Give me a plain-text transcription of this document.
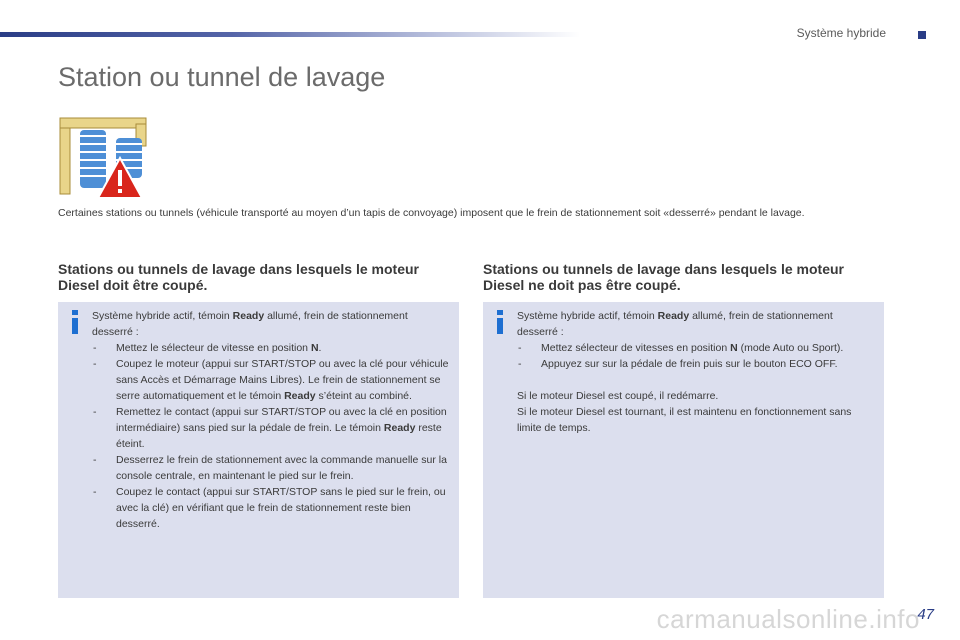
Système hybride
Station ou tunnel de lavage

Certaines stations ou tunnels (véhicule transporté au moyen d’un tapis de convoyage) imposent que le frein de stationnement soit «desserré» pendant le lavage.

Stations ou tunnels de lavage dans lesquels le moteur Diesel doit être coupé.

Système hybride actif, témoin Ready allumé, frein de stationnement desserré :

- Mettez le sélecteur de vitesse en position N.
- Coupez le moteur (appui sur START/STOP ou avec la clé pour véhicule sans Accès et Démarrage Mains Libres). Le frein de stationnement se serre automatiquement et le témoin Ready s’éteint au combiné.
- Remettez le contact (appui sur START/STOP ou avec la clé en position intermédiaire) sans pied sur la pédale de frein. Le témoin Ready reste éteint.
- Desserrez le frein de stationnement avec la commande manuelle sur la console centrale, en maintenant le pied sur le frein.
- Coupez le contact (appui sur START/STOP sans le pied sur le frein, ou avec la clé) en vérifiant que le frein de stationnement reste bien desserré.
Stations ou tunnels de lavage dans lesquels le moteur Diesel ne doit pas être coupé.

Système hybride actif, témoin Ready allumé, frein de stationnement desserré :

- Mettez sélecteur de vitesses en position N (mode Auto ou Sport).
- Appuyez sur sur la pédale de frein puis sur le bouton ECO OFF.

Si le moteur Diesel est coupé, il redémarre.

Si le moteur Diesel est tournant, il est maintenu en fonctionnement sans limite de temps.

carmanualsonline.info
47
